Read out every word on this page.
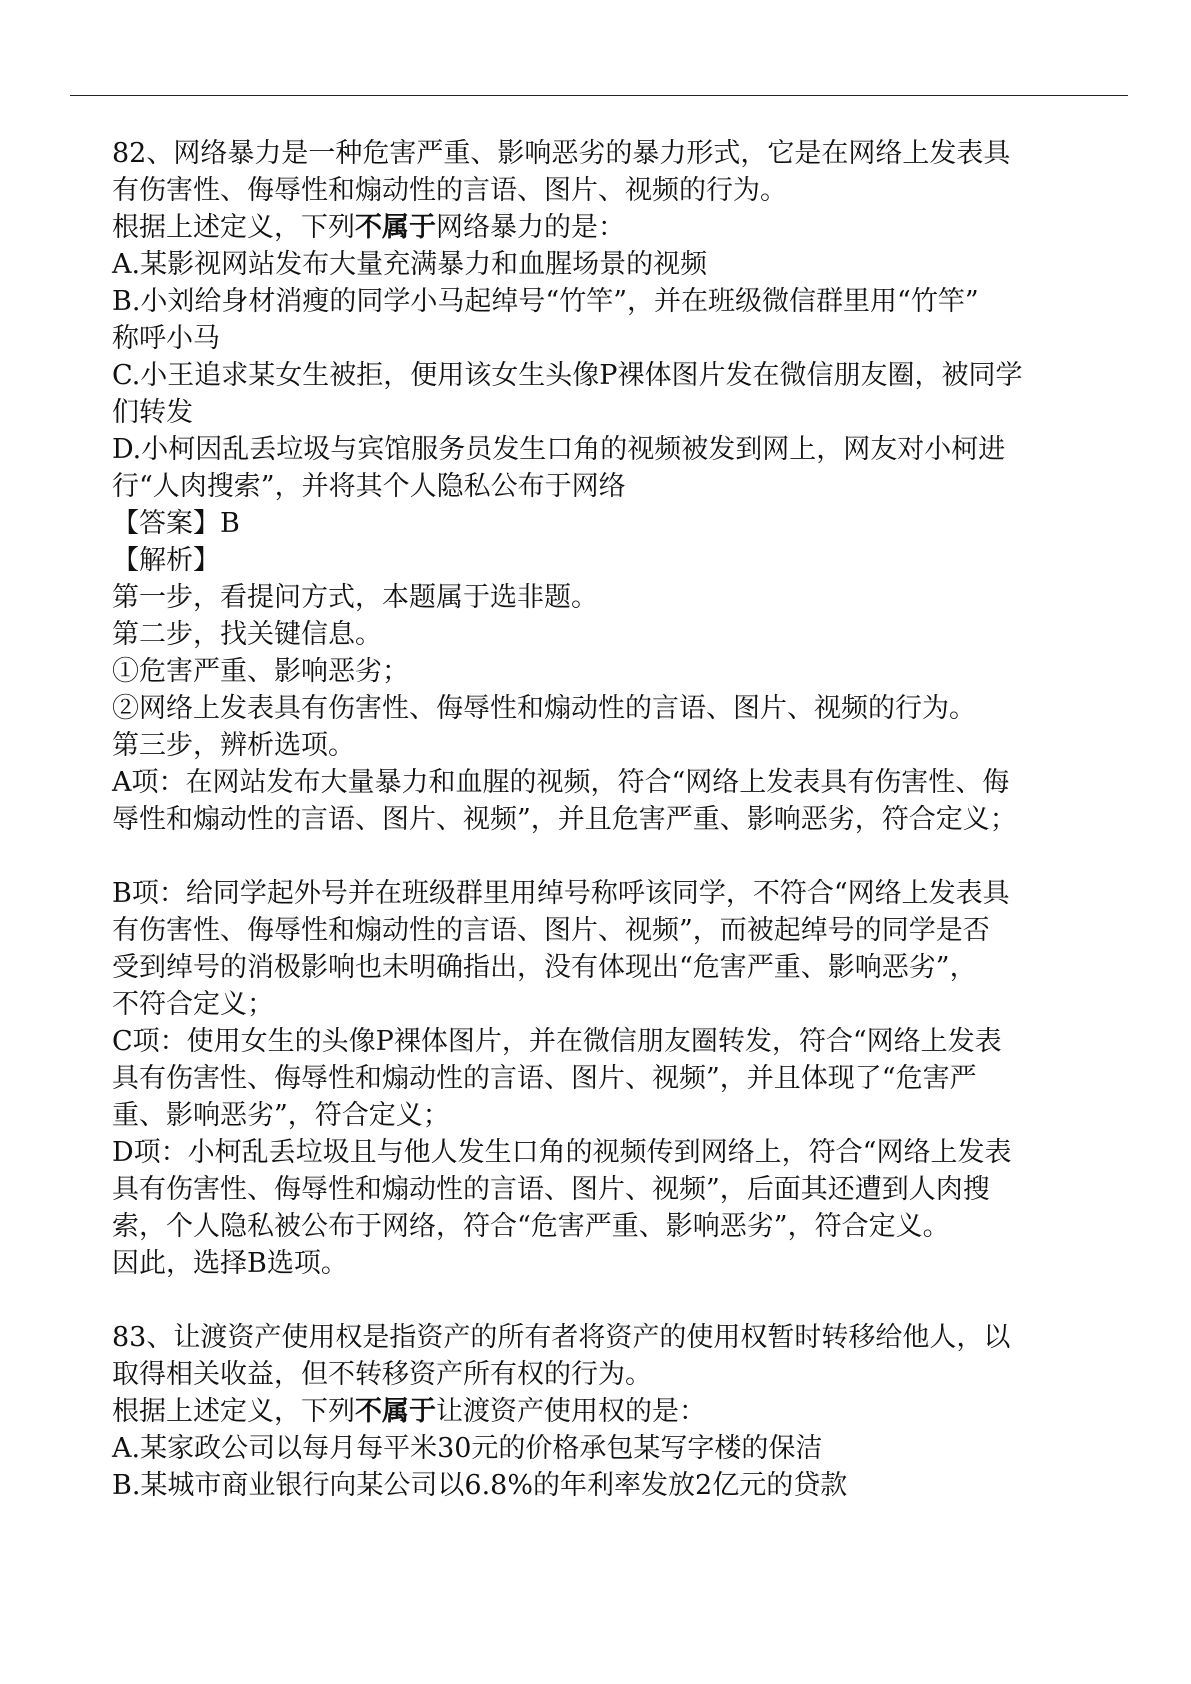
82、网络暴力是一种危害严重、影响恶劣的暴力形式，它是在网络上发表具
有伤害性、侮辱性和煽动性的言语、图片、视频的行为。
根据上述定义，下列不属于网络暴力的是：
A.某影视网站发布大量充满暴力和血腥场景的视频
B.小刘给身材消瘦的同学小马起绰号“竹竿”，并在班级微信群里用“竹竿”
称呼小马
C.小王追求某女生被拒，便用该女生头像P裸体图片发在微信朋友圈，被同学
们转发
D.小柯因乱丢垃圾与宾馆服务员发生口角的视频被发到网上，网友对小柯进
行“人肉搜索”，并将其个人隐私公布于网络
【答案】B
【解析】
第一步，看提问方式，本题属于选非题。
第二步，找关键信息。
①危害严重、影响恶劣；
②网络上发表具有伤害性、侮辱性和煽动性的言语、图片、视频的行为。
第三步，辨析选项。
A项：在网站发布大量暴力和血腥的视频，符合“网络上发表具有伤害性、侮
辱性和煽动性的言语、图片、视频”，并且危害严重、影响恶劣，符合定义；
B项：给同学起外号并在班级群里用绰号称呼该同学，不符合“网络上发表具
有伤害性、侮辱性和煽动性的言语、图片、视频”，而被起绰号的同学是否
受到绰号的消极影响也未明确指出，没有体现出“危害严重、影响恶劣”，
不符合定义；
C项：使用女生的头像P裸体图片，并在微信朋友圈转发，符合“网络上发表
具有伤害性、侮辱性和煽动性的言语、图片、视频”，并且体现了“危害严
重、影响恶劣”，符合定义；
D项：小柯乱丢垃圾且与他人发生口角的视频传到网络上，符合“网络上发表
具有伤害性、侮辱性和煽动性的言语、图片、视频”，后面其还遭到人肉搜
索，个人隐私被公布于网络，符合“危害严重、影响恶劣”，符合定义。
因此，选择B选项。
83、让渡资产使用权是指资产的所有者将资产的使用权暂时转移给他人，以
取得相关收益，但不转移资产所有权的行为。
根据上述定义，下列不属于让渡资产使用权的是：
A.某家政公司以每月每平米30元的价格承包某写字楼的保洁
B.某城市商业银行向某公司以6.8%的年利率发放2亿元的贷款
